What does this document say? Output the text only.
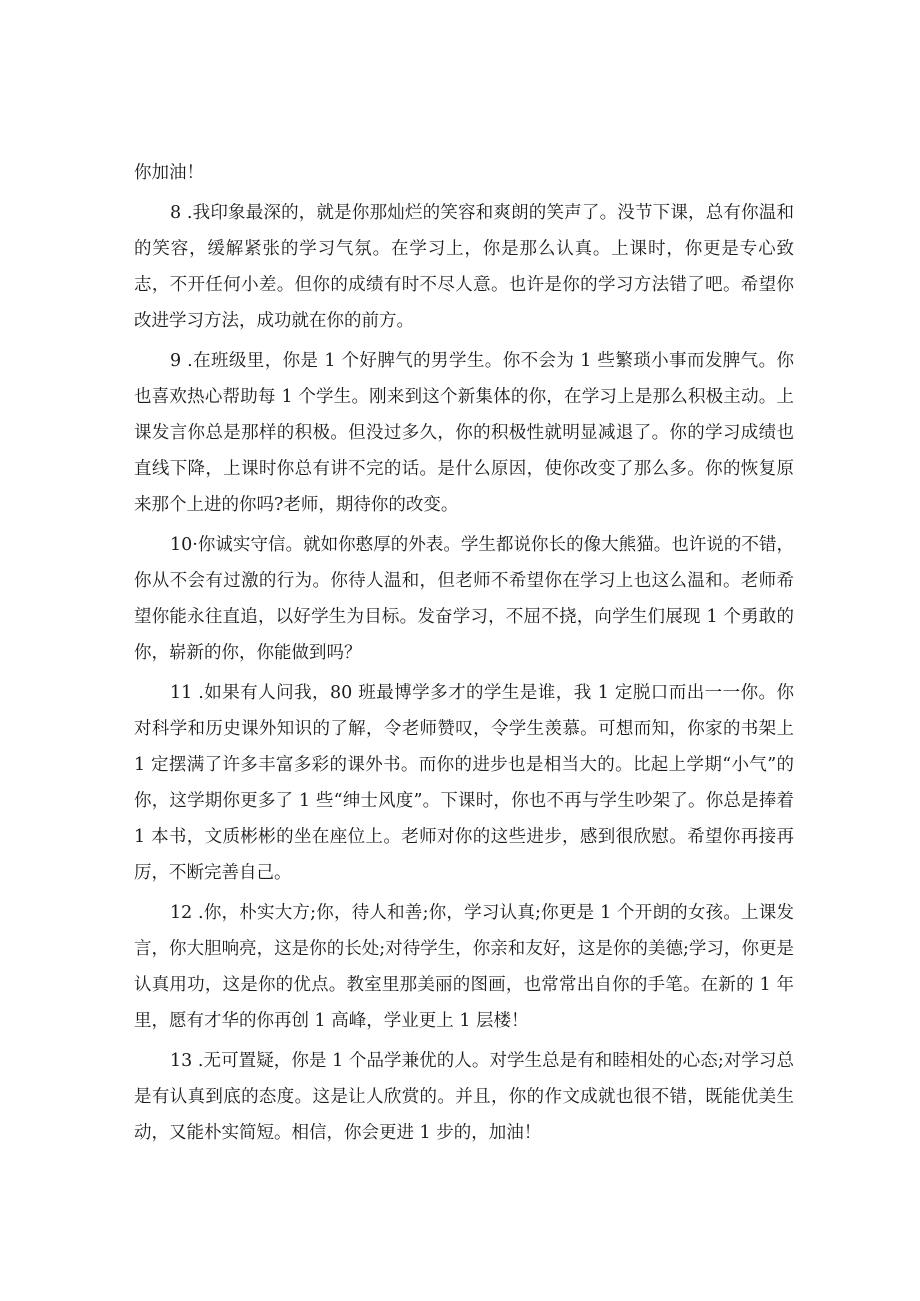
你加油！

8 .我印象最深的，就是你那灿烂的笑容和爽朗的笑声了。没节下课，总有你温和的笑容，缓解紧张的学习气氛。在学习上，你是那么认真。上课时，你更是专心致志，不开任何小差。但你的成绩有时不尽人意。也许是你的学习方法错了吧。希望你改进学习方法，成功就在你的前方。

9 .在班级里，你是 1 个好脾气的男学生。你不会为 1 些繁琐小事而发脾气。你也喜欢热心帮助每 1 个学生。刚来到这个新集体的你，在学习上是那么积极主动。上课发言你总是那样的积极。但没过多久，你的积极性就明显减退了。你的学习成绩也直线下降，上课时你总有讲不完的话。是什么原因，使你改变了那么多。你的恢复原来那个上进的你吗?老师，期待你的改变。

10·你诚实守信。就如你憨厚的外表。学生都说你长的像大熊猫。也许说的不错，你从不会有过激的行为。你待人温和，但老师不希望你在学习上也这么温和。老师希望你能永往直追，以好学生为目标。发奋学习，不屈不挠，向学生们展现 1 个勇敢的你，崭新的你，你能做到吗？

11 .如果有人问我，80 班最博学多才的学生是谁，我 1 定脱口而出一一你。你对科学和历史课外知识的了解，令老师赞叹，令学生羡慕。可想而知，你家的书架上 1 定摆满了许多丰富多彩的课外书。而你的进步也是相当大的。比起上学期“小气”的你，这学期你更多了 1 些“绅士风度”。下课时，你也不再与学生吵架了。你总是捧着 1 本书，文质彬彬的坐在座位上。老师对你的这些进步，感到很欣慰。希望你再接再厉，不断完善自己。

12 .你，朴实大方;你，待人和善;你，学习认真;你更是 1 个开朗的女孩。上课发言，你大胆响亮，这是你的长处;对待学生，你亲和友好，这是你的美德;学习，你更是认真用功，这是你的优点。教室里那美丽的图画，也常常出自你的手笔。在新的 1 年里，愿有才华的你再创 1 高峰，学业更上 1 层楼！

13 .无可置疑，你是 1 个品学兼优的人。对学生总是有和睦相处的心态;对学习总是有认真到底的态度。这是让人欣赏的。并且，你的作文成就也很不错，既能优美生动，又能朴实简短。相信，你会更进 1 步的，加油！
